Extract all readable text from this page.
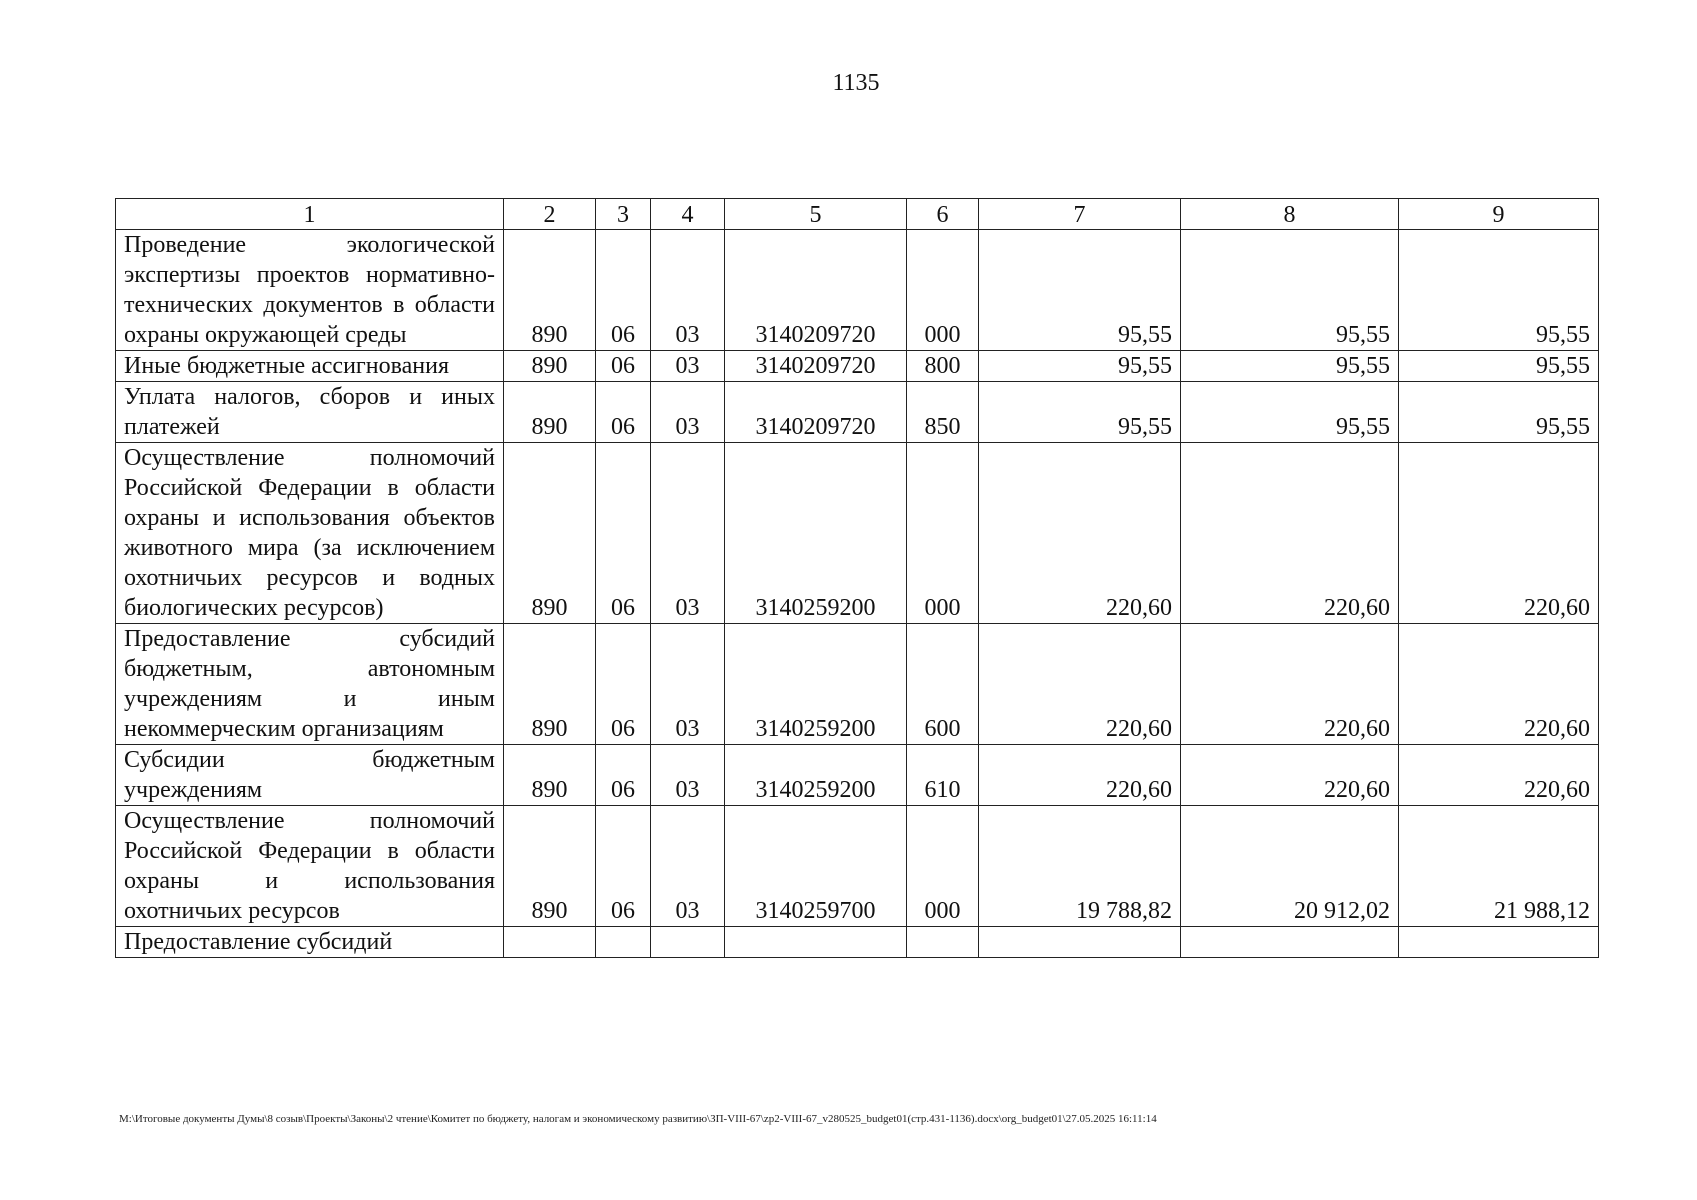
1135
1	2	3	4	5	6	7	8	9
Проведение экологической экспертизы проектов нормативно-технических документов в области охраны окружающей среды	890	06	03	3140209720	000	95,55	95,55	95,55
Иные бюджетные ассигнования	890	06	03	3140209720	800	95,55	95,55	95,55
Уплата налогов, сборов и иных платежей	890	06	03	3140209720	850	95,55	95,55	95,55
Осуществление полномочий Российской Федерации в области охраны и использования объектов животного мира (за исключением охотничьих ресурсов и водных биологических ресурсов)	890	06	03	3140259200	000	220,60	220,60	220,60
Предоставление субсидий бюджетным, автономным учреждениям и иным некоммерческим организациям	890	06	03	3140259200	600	220,60	220,60	220,60
Субсидии бюджетным учреждениям	890	06	03	3140259200	610	220,60	220,60	220,60
Осуществление полномочий Российской Федерации в области охраны и использования охотничьих ресурсов	890	06	03	3140259700	000	19 788,82	20 912,02	21 988,12
Предоставление субсидий								
M:\Итоговые документы Думы\8 созыв\Проекты\Законы\2 чтение\Комитет по бюджету, налогам и экономическому развитию\ЗП-VIII-67\zp2-VIII-67_v280525_budget01(стр.431-1136).docx\org_budget01\27.05.2025 16:11:14
